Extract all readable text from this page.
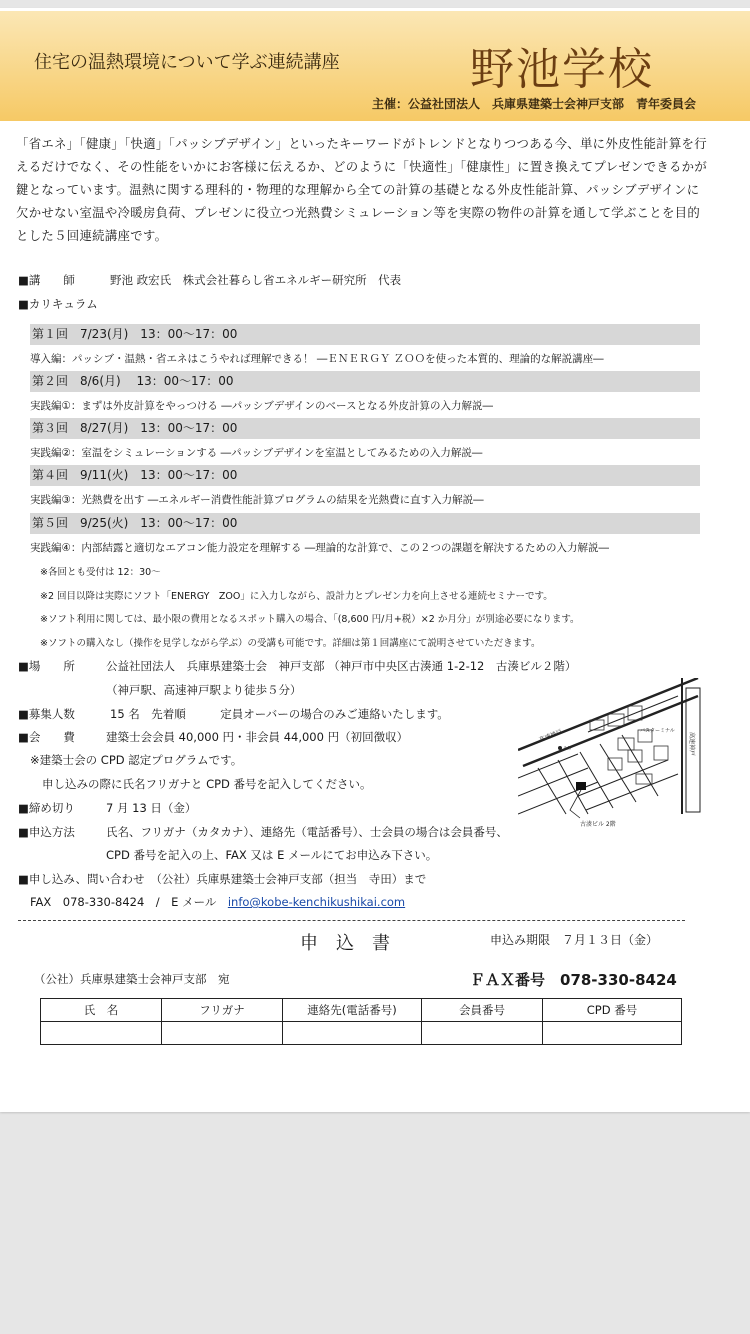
住宅の温熱環境について学ぶ連続講座	野池学校
主催：公益社団法人　兵庫県建築士会神戸支部　青年委員会
「省エネ」「健康」「快適」「パッシブデザイン」といったキーワードがトレンドとなりつつある今、単に外皮性能計算を行えるだけでなく、その性能をいかにお客様に伝えるか、どのように「快適性」「健康性」に置き換えてプレゼンできるかが鍵となっています。温熱に関する理科的・物理的な理解から全ての計算の基礎となる外皮性能計算、パッシブデザインに欠かせない室温や冷暖房負荷、プレゼンに役立つ光熱費シミュレーション等を実際の物件の計算を通して学ぶことを目的とした５回連続講座です。
■講　　師	野池 政宏氏　株式会社暮らし省エネルギー研究所　代表
■カリキュラム
第１回　7/23(月)　13：00～17：00
導入編：パッシブ・温熱・省エネはこうやれば理解できる！ ―ＥＮＥＲＧＹ ＺＯＯを使った本質的、理論的な解説講座―
第２回　8/6(月)　 13：00～17：00
実践編①：まずは外皮計算をやっつける ―パッシブデザインのベースとなる外皮計算の入力解説―
第３回　8/27(月)　13：00～17：00
実践編②：室温をシミュレーションする ―パッシブデザインを室温としてみるための入力解説―
第４回　9/11(火)　13：00～17：00
実践編③：光熱費を出す ―エネルギー消費性能計算プログラムの結果を光熱費に直す入力解説―
第５回　9/25(火)　13：00～17：00
実践編④：内部結露と適切なエアコン能力設定を理解する ―理論的な計算で、この２つの課題を解決するための入力解説―
※各回とも受付は 12：30～
※2 回目以降は実際にソフト「ENERGY　ZOO」に入力しながら、設計力とプレゼン力を向上させる連続セミナーです。
※ソフト利用に関しては、最小限の費用となるスポット購入の場合、「(8,600 円/月+税）×2 か月分」が別途必要になります。
※ソフトの購入なし（操作を見学しながら学ぶ）の受講も可能です。詳細は第１回講座にて説明させていただきます。
■場　　所	公益社団法人　兵庫県建築士会　神戸支部 （神戸市中央区古湊通 1-2-12　古湊ビル２階）
（神戸駅、高速神戸駅より徒歩５分）
■募集人数	15 名　先着順　　　定員オーバーの場合のみご連絡いたします。
■会　　費	建築士会会員 40,000 円・非会員 44,000 円（初回徴収）
※建築士会の CPD 認定プログラムです。
申し込みの際に氏名フリガナと CPD 番号を記入してください。
■締め切り	7 月 13 日（金）
■申込方法	氏名、フリガナ（カタカナ）、連絡先（電話番号）、士会員の場合は会員番号、
CPD 番号を記入の上、FAX 又は E メールにてお申込み下さい。
■申し込み、問い合わせ　 （公社）兵庫県建築士会神戸支部（担当　寺田）まで
FAX　078-330-8424　/　E メール　 info@kobe-kenchikushikai.com
高速神戸
ﾗｲﾌ
バスターミナル
高速神戸
古湊ビル 2階
申込書	申込み期限　７月１３日（金）
（公社）兵庫県建築士会神戸支部　宛	ＦＡＸ番号　078-330-8424
氏　名	フリガナ	連絡先(電話番号)	会員番号	CPD 番号
